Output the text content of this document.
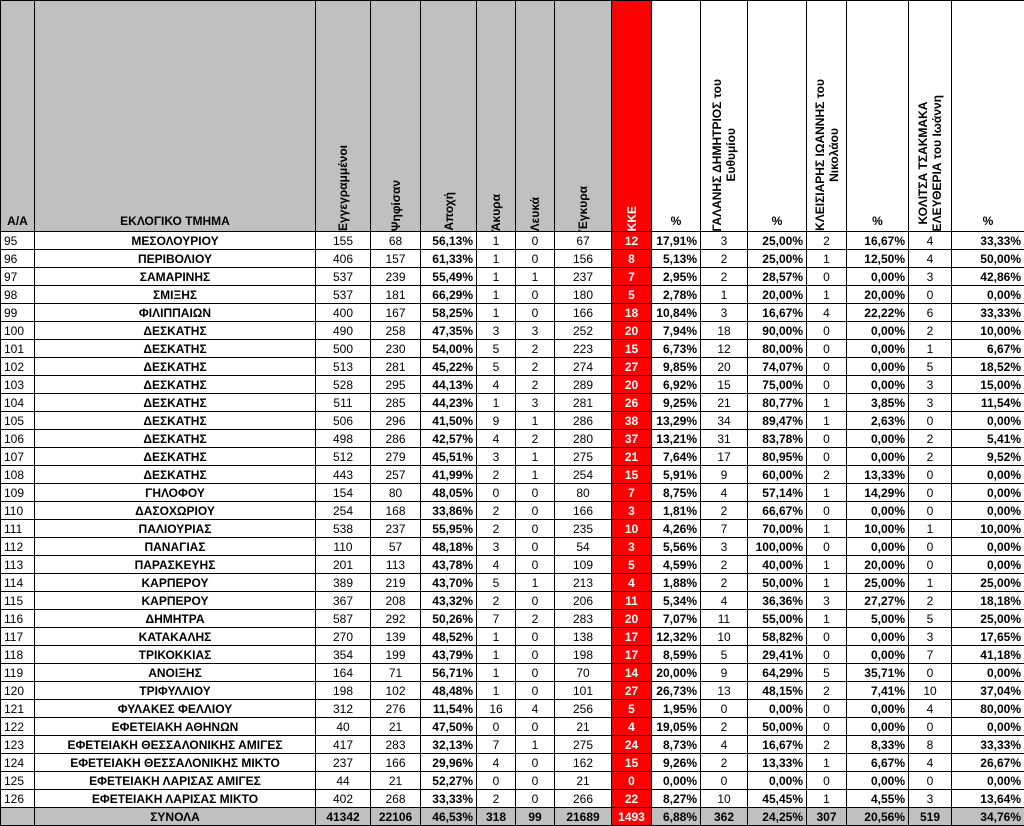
Α/Α	ΕΚΛΟΓΙΚΟ ΤΜΗΜΑ	Εγγεγραμμένοι	Ψηφίσαν	Αποχή	Άκυρα	Λευκά	Έγκυρα	ΚΚΕ	%	ΓΑΛΑΝΗΣ ΔΗΜΗΤΡΙΟΣ του
Ευθυμίου	%	ΚΛΕΙΣΙΑΡΗΣ ΙΩΑΝΝΗΣ του
Νικολάου	%	ΚΟΛΙΤΣΑ ΤΣΑΚΜΑΚΑ
ΕΛΕΥΘΕΡΙΑ του Ιωάννη	%
95	ΜΕΣΟΛΟΥΡΙΟΥ	155	68	56,13%	1	0	67	12	17,91%	3	25,00%	2	16,67%	4	33,33%
96	ΠΕΡΙΒΟΛΙΟΥ	406	157	61,33%	1	0	156	8	5,13%	2	25,00%	1	12,50%	4	50,00%
97	ΣΑΜΑΡΙΝΗΣ	537	239	55,49%	1	1	237	7	2,95%	2	28,57%	0	0,00%	3	42,86%
98	ΣΜΙΞΗΣ	537	181	66,29%	1	0	180	5	2,78%	1	20,00%	1	20,00%	0	0,00%
99	ΦΙΛΙΠΠΑΙΩΝ	400	167	58,25%	1	0	166	18	10,84%	3	16,67%	4	22,22%	6	33,33%
100	ΔΕΣΚΑΤΗΣ	490	258	47,35%	3	3	252	20	7,94%	18	90,00%	0	0,00%	2	10,00%
101	ΔΕΣΚΑΤΗΣ	500	230	54,00%	5	2	223	15	6,73%	12	80,00%	0	0,00%	1	6,67%
102	ΔΕΣΚΑΤΗΣ	513	281	45,22%	5	2	274	27	9,85%	20	74,07%	0	0,00%	5	18,52%
103	ΔΕΣΚΑΤΗΣ	528	295	44,13%	4	2	289	20	6,92%	15	75,00%	0	0,00%	3	15,00%
104	ΔΕΣΚΑΤΗΣ	511	285	44,23%	1	3	281	26	9,25%	21	80,77%	1	3,85%	3	11,54%
105	ΔΕΣΚΑΤΗΣ	506	296	41,50%	9	1	286	38	13,29%	34	89,47%	1	2,63%	0	0,00%
106	ΔΕΣΚΑΤΗΣ	498	286	42,57%	4	2	280	37	13,21%	31	83,78%	0	0,00%	2	5,41%
107	ΔΕΣΚΑΤΗΣ	512	279	45,51%	3	1	275	21	7,64%	17	80,95%	0	0,00%	2	9,52%
108	ΔΕΣΚΑΤΗΣ	443	257	41,99%	2	1	254	15	5,91%	9	60,00%	2	13,33%	0	0,00%
109	ΓΗΛΟΦΟΥ	154	80	48,05%	0	0	80	7	8,75%	4	57,14%	1	14,29%	0	0,00%
110	ΔΑΣΟΧΩΡΙΟΥ	254	168	33,86%	2	0	166	3	1,81%	2	66,67%	0	0,00%	0	0,00%
111	ΠΑΛΙΟΥΡΙΑΣ	538	237	55,95%	2	0	235	10	4,26%	7	70,00%	1	10,00%	1	10,00%
112	ΠΑΝΑΓΙΑΣ	110	57	48,18%	3	0	54	3	5,56%	3	100,00%	0	0,00%	0	0,00%
113	ΠΑΡΑΣΚΕΥΗΣ	201	113	43,78%	4	0	109	5	4,59%	2	40,00%	1	20,00%	0	0,00%
114	ΚΑΡΠΕΡΟΥ	389	219	43,70%	5	1	213	4	1,88%	2	50,00%	1	25,00%	1	25,00%
115	ΚΑΡΠΕΡΟΥ	367	208	43,32%	2	0	206	11	5,34%	4	36,36%	3	27,27%	2	18,18%
116	ΔΗΜΗΤΡΑ	587	292	50,26%	7	2	283	20	7,07%	11	55,00%	1	5,00%	5	25,00%
117	ΚΑΤΑΚΑΛΗΣ	270	139	48,52%	1	0	138	17	12,32%	10	58,82%	0	0,00%	3	17,65%
118	ΤΡΙΚΟΚΚΙΑΣ	354	199	43,79%	1	0	198	17	8,59%	5	29,41%	0	0,00%	7	41,18%
119	ΑΝΟΙΞΗΣ	164	71	56,71%	1	0	70	14	20,00%	9	64,29%	5	35,71%	0	0,00%
120	ΤΡΙΦΥΛΛΙΟΥ	198	102	48,48%	1	0	101	27	26,73%	13	48,15%	2	7,41%	10	37,04%
121	ΦΥΛΑΚΕΣ ΦΕΛΛΙΟΥ	312	276	11,54%	16	4	256	5	1,95%	0	0,00%	0	0,00%	4	80,00%
122	ΕΦΕΤΕΙΑΚΗ ΑΘΗΝΩΝ	40	21	47,50%	0	0	21	4	19,05%	2	50,00%	0	0,00%	0	0,00%
123	ΕΦΕΤΕΙΑΚΗ ΘΕΣΣΑΛΟΝΙΚΗΣ ΑΜΙΓΕΣ	417	283	32,13%	7	1	275	24	8,73%	4	16,67%	2	8,33%	8	33,33%
124	ΕΦΕΤΕΙΑΚΗ ΘΕΣΣΑΛΟΝΙΚΗΣ ΜΙΚΤΟ	237	166	29,96%	4	0	162	15	9,26%	2	13,33%	1	6,67%	4	26,67%
125	ΕΦΕΤΕΙΑΚΗ ΛΑΡΙΣΑΣ ΑΜΙΓΕΣ	44	21	52,27%	0	0	21	0	0,00%	0	0,00%	0	0,00%	0	0,00%
126	ΕΦΕΤΕΙΑΚΗ ΛΑΡΙΣΑΣ ΜΙΚΤΟ	402	268	33,33%	2	0	266	22	8,27%	10	45,45%	1	4,55%	3	13,64%
	ΣΥΝΟΛΑ	41342	22106	46,53%	318	99	21689	1493	6,88%	362	24,25%	307	20,56%	519	34,76%
